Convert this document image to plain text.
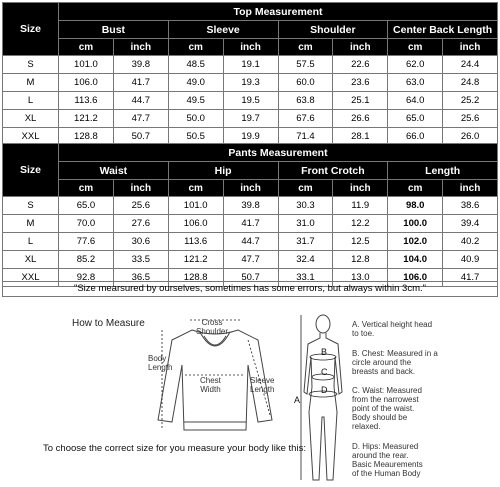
Size	Top Measurement							
	Bust		Sleeve		Shoulder		Center Back Length	
	cm	inch	cm	inch	cm	inch	cm	inch
S	101.0	39.8	48.5	19.1	57.5	22.6	62.0	24.4
M	106.0	41.7	49.0	19.3	60.0	23.6	63.0	24.8
L	113.6	44.7	49.5	19.5	63.8	25.1	64.0	25.2
XL	121.2	47.7	50.0	19.7	67.6	26.6	65.0	25.6
XXL	128.8	50.7	50.5	19.9	71.4	28.1	66.0	26.0
Size	Pants Measurement							
	Waist		Hip		Front Crotch		Length	
	cm	inch	cm	inch	cm	inch	cm	inch
S	65.0	25.6	101.0	39.8	30.3	11.9	98.0	38.6
M	70.0	27.6	106.0	41.7	31.0	12.2	100.0	39.4
L	77.6	30.6	113.6	44.7	31.7	12.5	102.0	40.2
XL	85.2	33.5	121.2	47.7	32.4	12.8	104.0	40.9
XXL	92.8	36.5	128.8	50.7	33.1	13.0	106.0	41.7
"Size mearsured by ourselves, sometimes has some errors, but always within 3cm."
How to Measure	Cross
Shoulder
Body
Length
Chest
Width
Sleeve
Length
A
B
C
D
A. Vertical height head
to toe.
B. Chest: Measured in a
circle around the
breasts and back.
C. Waist: Measured
from the narrowest
point of the waist.
Body should be
relaxed.
D. Hips: Measured
around the rear.
Basic Meaurements
of the Human Body
To choose the correct size for you measure your body like this:
